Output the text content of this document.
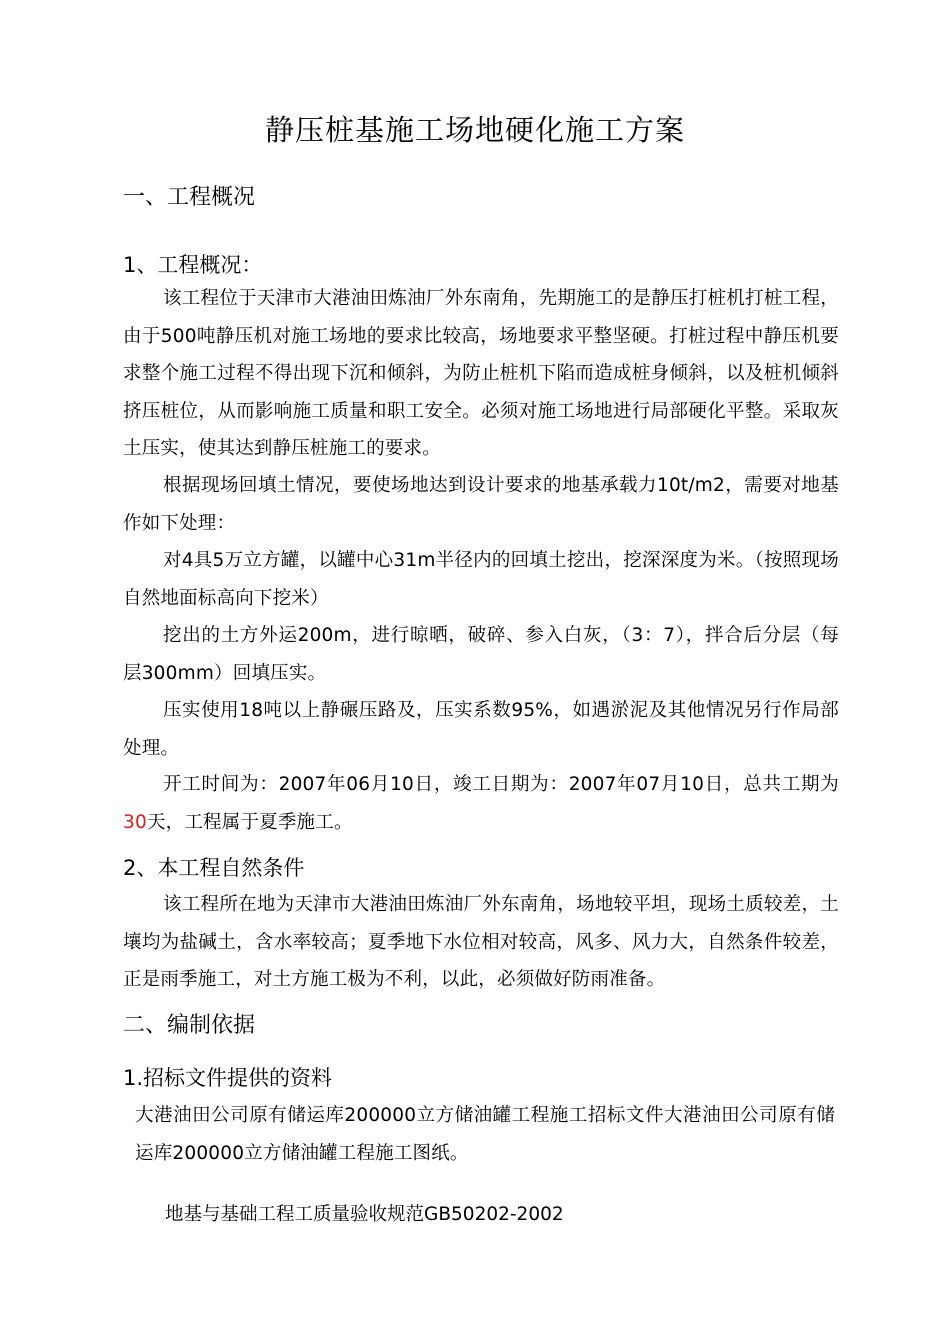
静压桩基施工场地硬化施工方案
一、工程概况
1、工程概况：

该工程位于天津市大港油田炼油厂外东南角，先期施工的是静压打桩机打桩工程，由于500吨静压机对施工场地的要求比较高，场地要求平整坚硬。打桩过程中静压机要求整个施工过程不得出现下沉和倾斜，为防止桩机下陷而造成桩身倾斜，以及桩机倾斜挤压桩位，从而影响施工质量和职工安全。必须对施工场地进行局部硬化平整。采取灰土压实，使其达到静压桩施工的要求。

根据现场回填土情况，要使场地达到设计要求的地基承载力10t/m2，需要对地基作如下处理：

对4具5万立方罐，以罐中心31m半径内的回填土挖出，挖深深度为米。（按照现场自然地面标高向下挖米）

挖出的土方外运200m，进行晾晒，破碎、参入白灰，（3：7），拌合后分层（每层300mm）回填压实。

压实使用18吨以上静碾压路及，压实系数95%，如遇淤泥及其他情况另行作局部处理。

开工时间为：2007年06月10日，竣工日期为：2007年07月10日，总共工期为30天，工程属于夏季施工。

2、本工程自然条件

该工程所在地为天津市大港油田炼油厂外东南角，场地较平坦，现场土质较差，土壤均为盐碱土，含水率较高；夏季地下水位相对较高，风多、风力大，自然条件较差，正是雨季施工，对土方施工极为不利，以此，必须做好防雨准备。

二、编制依据
1.招标文件提供的资料

大港油田公司原有储运库200000立方储油罐工程施工招标文件大港油田公司原有储运库200000立方储油罐工程施工图纸。

地基与基础工程工质量验收规范GB50202-2002
